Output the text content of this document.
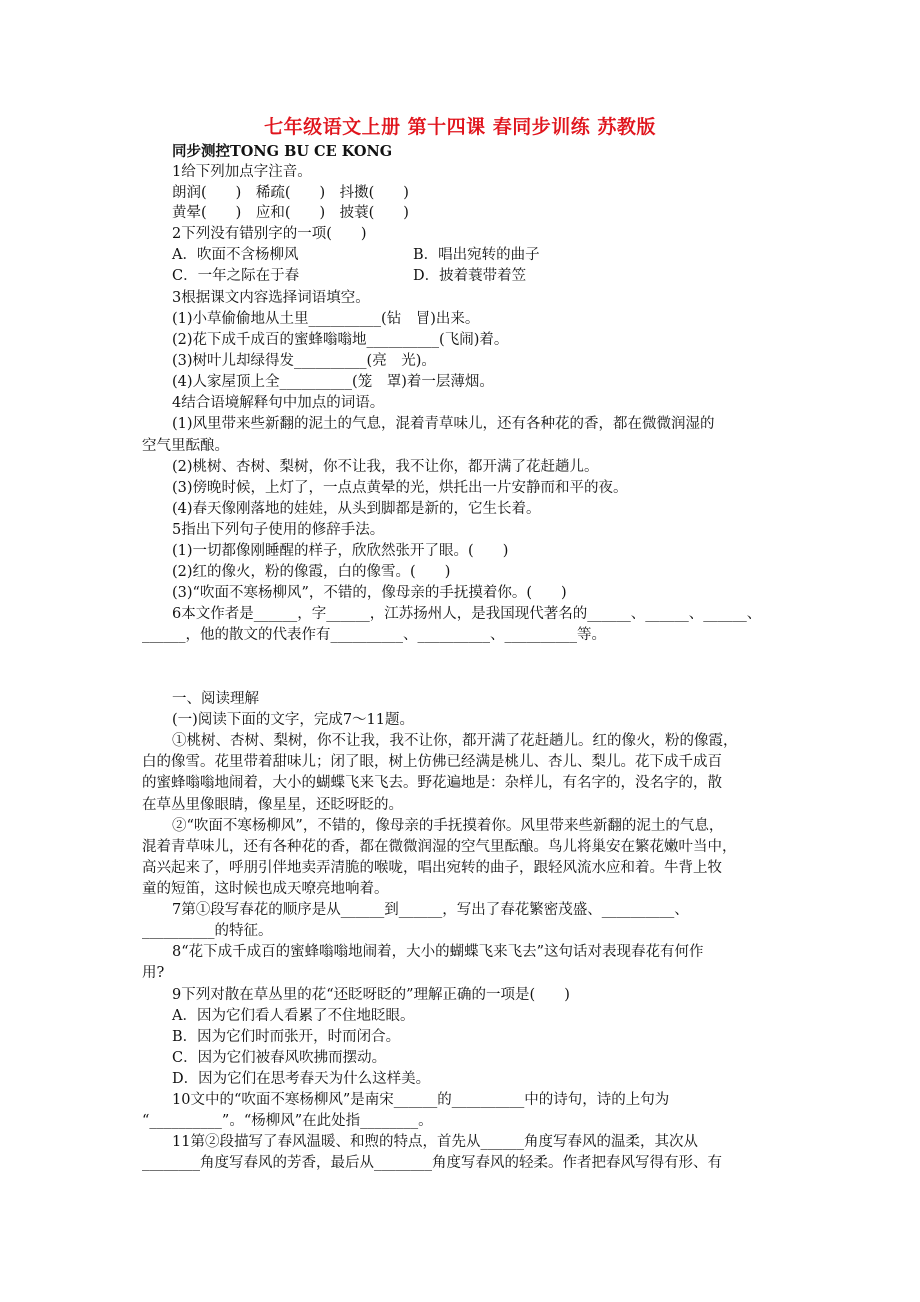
七年级语文上册 第十四课 春同步训练 苏教版
同步测控TONG BU CE KONG
1给下列加点字注音。
朗润(　　)　稀疏(　　)　抖擞(　　)
黄晕(　　)　应和(　　)　披蓑(　　)
2下列没有错别字的一项(　　)
A．吹面不含杨柳风	B．唱出宛转的曲子
C．一年之际在于春	D．披着蓑带着笠
3根据课文内容选择词语填空。
(1)小草偷偷地从土里__________(钻　冒)出来。
(2)花下成千成百的蜜蜂嗡嗡地__________(飞闹)着。
(3)树叶儿却绿得发__________(亮　光)。
(4)人家屋顶上全__________(笼　罩)着一层薄烟。
4结合语境解释句中加点的词语。
(1)风里带来些新翻的泥土的气息，混着青草味儿，还有各种花的香，都在微微润湿的
空气里酝酿。
(2)桃树、杏树、梨树，你不让我，我不让你，都开满了花赶趟儿。
(3)傍晚时候，上灯了，一点点黄晕的光，烘托出一片安静而和平的夜。
(4)春天像刚落地的娃娃，从头到脚都是新的，它生长着。
5指出下列句子使用的修辞手法。
(1)一切都像刚睡醒的样子，欣欣然张开了眼。(　　)
(2)红的像火，粉的像霞，白的像雪。(　　)
(3)“吹面不寒杨柳风”，不错的，像母亲的手抚摸着你。(　　)
6本文作者是______，字______，江苏扬州人，是我国现代著名的______、______、______、
______，他的散文的代表作有__________、__________、__________等。
一、阅读理解
(一)阅读下面的文字，完成7～11题。
①桃树、杏树、梨树，你不让我，我不让你，都开满了花赶趟儿。红的像火，粉的像霞，
白的像雪。花里带着甜味儿；闭了眼，树上仿佛已经满是桃儿、杏儿、梨儿。花下成千成百
的蜜蜂嗡嗡地闹着，大小的蝴蝶飞来飞去。野花遍地是：杂样儿，有名字的，没名字的，散
在草丛里像眼睛，像星星，还眨呀眨的。
②“吹面不寒杨柳风”，不错的，像母亲的手抚摸着你。风里带来些新翻的泥土的气息，
混着青草味儿，还有各种花的香，都在微微润湿的空气里酝酿。鸟儿将巢安在繁花嫩叶当中，
高兴起来了，呼朋引伴地卖弄清脆的喉咙，唱出宛转的曲子，跟轻风流水应和着。牛背上牧
童的短笛，这时候也成天嘹亮地响着。
7第①段写春花的顺序是从______到______，写出了春花繁密茂盛、__________、
__________的特征。
8“花下成千成百的蜜蜂嗡嗡地闹着，大小的蝴蝶飞来飞去”这句话对表现春花有何作
用?
9下列对散在草丛里的花“还眨呀眨的”理解正确的一项是(　　)
A．因为它们看人看累了不住地眨眼。
B．因为它们时而张开，时而闭合。
C．因为它们被春风吹拂而摆动。
D．因为它们在思考春天为什么这样美。
10文中的“吹面不寒杨柳风”是南宋______的__________中的诗句，诗的上句为
“__________”。“杨柳风”在此处指________。
11第②段描写了春风温暖、和煦的特点，首先从______角度写春风的温柔，其次从
________角度写春风的芳香，最后从________角度写春风的轻柔。作者把春风写得有形、有
